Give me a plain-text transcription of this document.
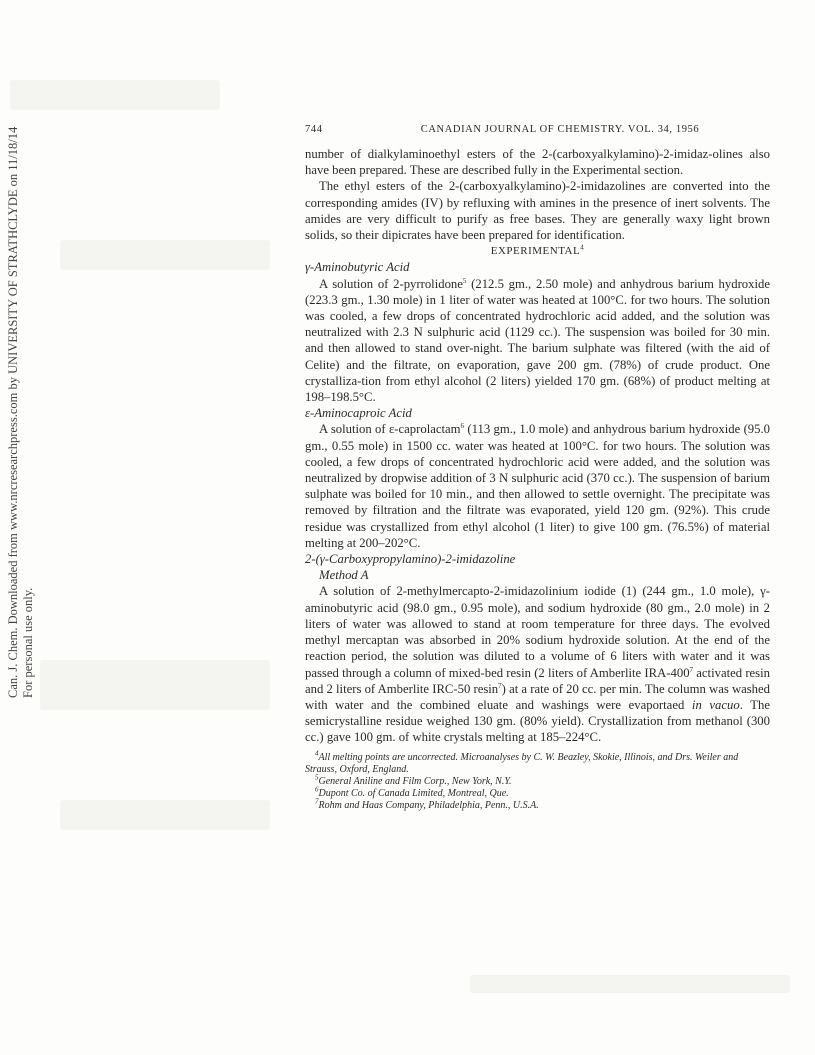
Can. J. Chem. Downloaded from www.nrcresearchpress.com by UNIVERSITY OF STRATHCLYDE on 11/18/14 For personal use only.
744	CANADIAN JOURNAL OF CHEMISTRY. VOL. 34, 1956

number of dialkylaminoethyl esters of the 2-(carboxyalkylamino)-2-imidaz-olines also have been prepared. These are described fully in the Experimental section.

The ethyl esters of the 2-(carboxyalkylamino)-2-imidazolines are converted into the corresponding amides (IV) by refluxing with amines in the presence of inert solvents. The amides are very difficult to purify as free bases. They are generally waxy light brown solids, so their dipicrates have been prepared for identification.

EXPERIMENTAL$^4$
γ-Aminobutyric Acid

A solution of 2-pyrrolidone$^5$ (212.5 gm., 2.50 mole) and anhydrous barium hydroxide (223.3 gm., 1.30 mole) in 1 liter of water was heated at 100°C. for two hours. The solution was cooled, a few drops of concentrated hydrochloric acid added, and the solution was neutralized with 2.3 N sulphuric acid (1129 cc.). The suspension was boiled for 30 min. and then allowed to stand over-night. The barium sulphate was filtered (with the aid of Celite) and the filtrate, on evaporation, gave 200 gm. (78%) of crude product. One crystalliza-tion from ethyl alcohol (2 liters) yielded 170 gm. (68%) of product melting at 198–198.5°C.

ε-Aminocaproic Acid

A solution of ε-caprolactam$^6$ (113 gm., 1.0 mole) and anhydrous barium hydroxide (95.0 gm., 0.55 mole) in 1500 cc. water was heated at 100°C. for two hours. The solution was cooled, a few drops of concentrated hydrochloric acid were added, and the solution was neutralized by dropwise addition of 3 N sulphuric acid (370 cc.). The suspension of barium sulphate was boiled for 10 min., and then allowed to settle overnight. The precipitate was removed by filtration and the filtrate was evaporated, yield 120 gm. (92%). This crude residue was crystallized from ethyl alcohol (1 liter) to give 100 gm. (76.5%) of material melting at 200–202°C.

2-(γ-Carboxypropylamino)-2-imidazoline
Method A

A solution of 2-methylmercapto-2-imidazolinium iodide (1) (244 gm., 1.0 mole), γ-aminobutyric acid (98.0 gm., 0.95 mole), and sodium hydroxide (80 gm., 2.0 mole) in 2 liters of water was allowed to stand at room temperature for three days. The evolved methyl mercaptan was absorbed in 20% sodium hydroxide solution. At the end of the reaction period, the solution was diluted to a volume of 6 liters with water and it was passed through a column of mixed-bed resin (2 liters of Amberlite IRA-$400^7$ activated resin and 2 liters of Amberlite IRC-50 resin$^7$) at a rate of 20 cc. per min. The column was washed with water and the combined eluate and washings were evaportaed in vacuo. The semicrystalline residue weighed 130 gm. (80% yield). Crystallization from methanol (300 cc.) gave 100 gm. of white crystals melting at 185–224°C.

$^4$All melting points are uncorrected. Microanalyses by C. W. Beazley, Skokie, Illinois, and Drs. Weiler and Strauss, Oxford, England.
$^5$General Aniline and Film Corp., New York, N.Y.
$^6$Dupont Co. of Canada Limited, Montreal, Que.
$^7$Rohm and Haas Company, Philadelphia, Penn., U.S.A.
